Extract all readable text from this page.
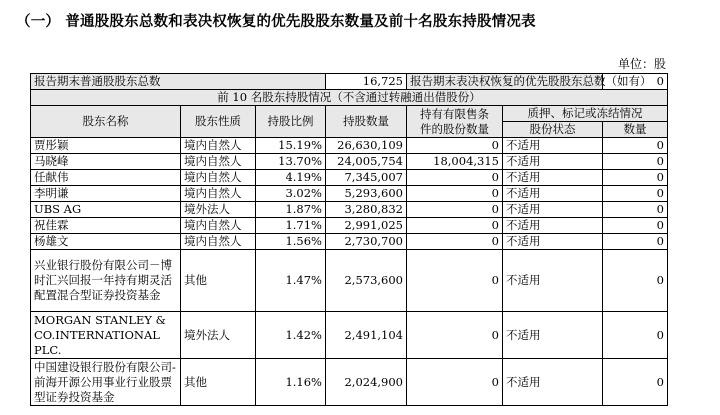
（一） 普通股股东总数和表决权恢复的优先股股东数量及前十名股东持股情况表
单位：股
报告期末普通股股东总数			16,725	报告期末表决权恢复的优先股股东总数（如有）		0
前 10 名股东持股情况（不含通过转融通出借股份）						
股东名称	股东性质	持股比例	持股数量	持有有限售条
件的股份数量	质押、标记或冻结情况	
					股份状态	数量
贾彤颖	境内自然人	15.19%	26,630,109	0	不适用	0
马晓峰	境内自然人	13.70%	24,005,754	18,004,315	不适用	0
任献伟	境内自然人	4.19%	7,345,007	0	不适用	0
李明谦	境内自然人	3.02%	5,293,600	0	不适用	0
UBS AG	境外法人	1.87%	3,280,832	0	不适用	0
祝佳霖	境内自然人	1.71%	2,991,025	0	不适用	0
杨雄文	境内自然人	1.56%	2,730,700	0	不适用	0
兴业银行股份有限公司－博时汇兴回报一年持有期灵活配置混合型证券投资基金	其他	1.47%	2,573,600	0	不适用	0
MORGAN STANLEY & CO.INTERNATIONAL PLC.	境外法人	1.42%	2,491,104	0	不适用	0
中国建设银行股份有限公司-前海开源公用事业行业股票型证券投资基金	其他	1.16%	2,024,900	0	不适用	0
